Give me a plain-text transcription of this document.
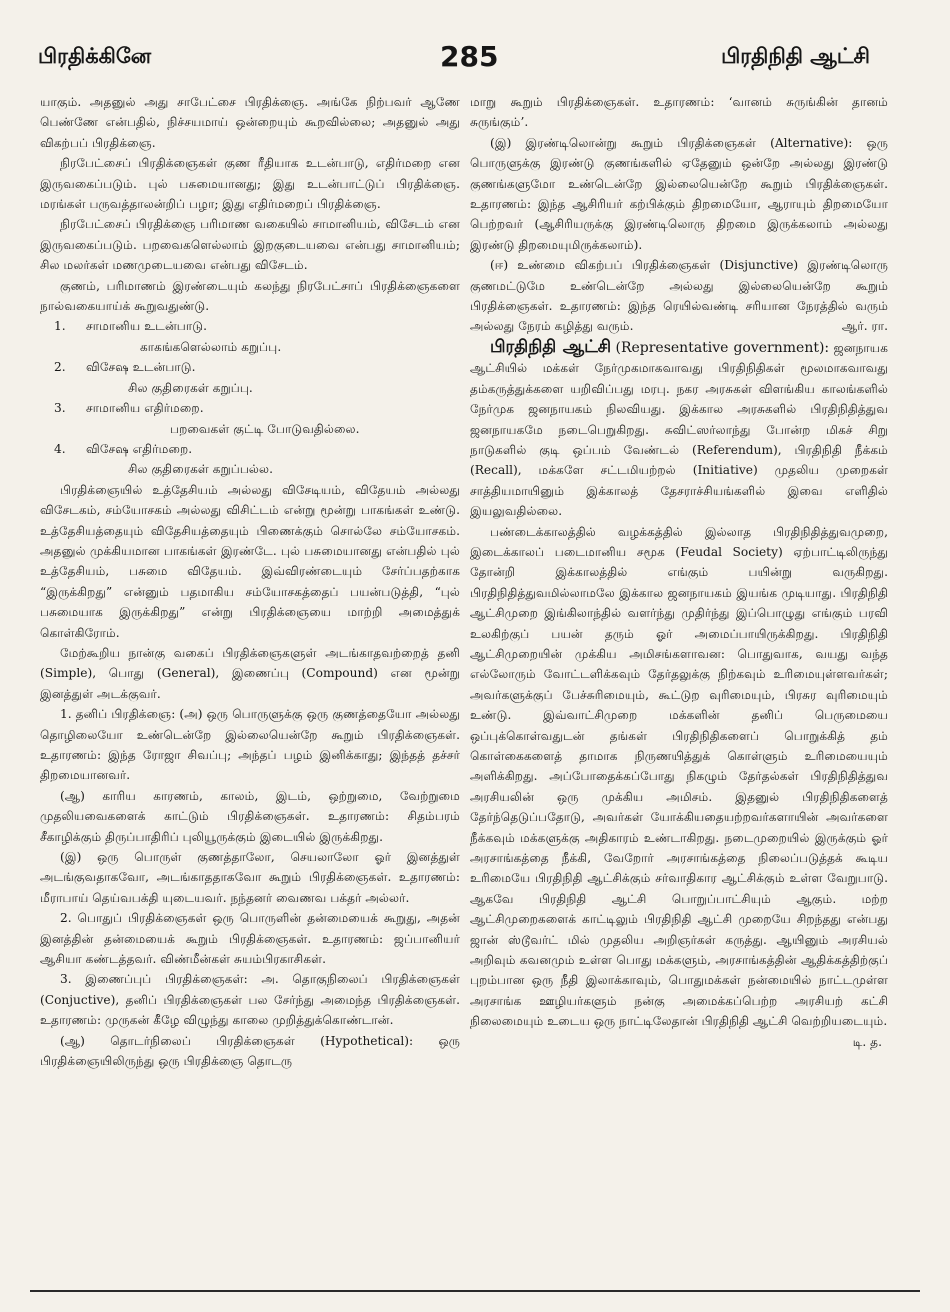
பிரதிக்கினே	285	பிரதிநிதி ஆட்சி

யாகும். அதனுல் அது சாபேட்சை பிரதிக்ஞை. அங்கே நிற்பவர் ஆணே பெண்ணே என்பதில், நிச்சயமாய் ஒன்றையும் கூறவில்லை; அதனுல் அது விகற்பப் பிரதிக்ஞை.

நிரபேட்சைப் பிரதிக்ஞைகள் குண ரீதியாக உடன்பாடு, எதிர்மறை என இருவகைப்படும். புல் பசுமையானது; இது உடன்பாட்டுப் பிரதிக்ஞை. மரங்கள் பருவத்தாலன்றிப் பழா; இது எதிர்மறைப் பிரதிக்ஞை.

நிரபேட்சைப் பிரதிக்ஞை பரிமாண வகையில் சாமானியம், விசேடம் என இருவகைப்படும். பறவைகளெல்லாம் இறகுடையவை என்பது சாமானியம்; சில மலர்கள் மணமுடையவை என்பது விசேடம்.

குணம், பரிமாணம் இரண்டையும் கலந்து நிரபேட்சாப் பிரதிக்ஞைகளை நால்வகையாய்க் கூறுவதுண்டு.

1.	சாமானிய உடன்பாடு.

காகங்களெல்லாம் கறுப்பு.

2.	விசேஷ உடன்பாடு.

சில குதிரைகள் கறுப்பு.

3.	சாமானிய எதிர்மறை.

பறவைகள் குட்டி போடுவதில்லை.

4.	விசேஷ எதிர்மறை.

சில குதிரைகள் கறுப்பல்ல.

பிரதிக்ஞையில் உத்தேசியம் அல்லது விசேடியம், விதேயம் அல்லது விசேடகம், சம்யோசகம் அல்லது விசிட்டம் என்று மூன்று பாகங்கள் உண்டு. உத்தேசியத்தையும் விதேசியத்தையும் பிணைக்கும் சொல்லே சம்யோசகம். அதனுல் முக்கியமான பாகங்கள் இரண்டே. புல் பசுமையானது என்பதில் புல் உத்தேசியம், பசுமை விதேயம். இவ்விரண்டையும் சேர்ப்பதற்காக “இருக்கிறது” என்னும் பதமாகிய சம்யோசகத்தைப் பயன்படுத்தி, “புல் பசுமையாக இருக்கிறது” என்று பிரதிக்ஞையை மாற்றி அமைத்துக் கொள்கிரோம்.

மேற்கூறிய நான்கு வகைப் பிரதிக்ஞைகளுள் அடங்காதவற்றைத் தனி (Simple), பொது (General), இணைப்பு (Compound) என மூன்று இனத்துள் அடக்குவர்.

1. தனிப் பிரதிக்ஞை: (அ) ஒரு பொருளுக்கு ஒரு குணத்தையோ அல்லது தொழிலையோ உண்டென்றே இல்லையென்றே கூறும் பிரதிக்ஞைகள். உதாரணம்: இந்த ரோஜா சிவப்பு; அந்தப் பழம் இனிக்காது; இந்தத் தச்சர் திறமையானவர்.

(ஆ) காரிய காரணம், காலம், இடம், ஒற்றுமை, வேற்றுமை முதலியவைகளைக் காட்டும் பிரதிக்ஞைகள். உதாரணம்: சிதம்பரம் சீகாழிக்கும் திருப்பாதிரிப் புலியூருக்கும் இடையில் இருக்கிறது.

(இ) ஒரு பொருள் குணத்தாலோ, செயலாலோ ஓர் இனத்துள் அடங்குவதாகவோ, அடங்காததாகவோ கூறும் பிரதிக்ஞைகள். உதாரணம்: மீராபாய் தெய்வபக்தி யுடையவர். நந்தனர் வைணவ பக்தர் அல்லர்.

2. பொதுப் பிரதிக்ஞைகள் ஒரு பொருளின் தன்மையைக் கூறுது, அதன் இனத்தின் தன்மையைக் கூறும் பிரதிக்ஞைகள். உதாரணம்: ஜப்பானியர் ஆசியா கண்டத்தவர். விண்மீன்கள் சுயம்பிரகாசிகள்.

3. இணைப்புப் பிரதிக்ஞைகள்: அ. தொகுநிலைப் பிரதிக்ஞைகள் (Conjuctive), தனிப் பிரதிக்ஞைகள் பல சேர்ந்து அமைந்த பிரதிக்ஞைகள். உதாரணம்: முருகன் கீழே விழுந்து காலை முறித்துக்கொண்டான்.

(ஆ) தொடர்நிலைப் பிரதிக்ஞைகள் (Hypothetical): ஒரு பிரதிக்ஞையிலிருந்து ஒரு பிரதிக்ஞை தொடரு

மாறு கூறும் பிரதிக்ஞைகள். உதாரணம்: ‘வானம் சுருங்கின் தானம் சுருங்கும்’.

(இ) இரண்டிலொன்று கூறும் பிரதிக்ஞைகள் (Alternative): ஒரு பொருளுக்கு இரண்டு குணங்களில் ஏதேனும் ஒன்றே அல்லது இரண்டு குணங்களுமோ உண்டென்றே இல்லையென்றே கூறும் பிரதிக்ஞைகள். உதாரணம்: இந்த ஆசிரியர் கற்பிக்கும் திறமையோ, ஆராயும் திறமையோ பெற்றவர் (ஆசிரியருக்கு இரண்டிலொரு திறமை இருக்கலாம் அல்லது இரண்டு திறமையுமிருக்கலாம்).

(ஈ) உண்மை விகற்பப் பிரதிக்ஞைகள் (Disjunctive) இரண்டிலொரு குணமட்டுமே உண்டென்றே அல்லது இல்லையென்றே கூறும் பிரதிக்ஞைகள். உதாரணம்: இந்த ரெயில்வண்டி சரியான நேரத்தில் வரும் அல்லது நேரம் கழித்து வரும்.	ஆர். ரா.

பிரதிநிதி ஆட்சி (Representative government): ஜனநாயக ஆட்சியில் மக்கள் நேர்முகமாகவாவது பிரதிநிதிகள் மூலமாகவாவது தம்கருத்துக்களை யறிவிப்பது மரபு. நகர அரசுகள் விளங்கிய காலங்களில் நேர்முக ஜனநாயகம் நிலவியது. இக்கால அரசுகளில் பிரதிநிதித்துவ ஜனநாயகமே நடைபெறுகிறது. சுவிட்ஸர்லாந்து போன்ற மிகச் சிறு நாடுகளில் குடி ஒப்பம் வேண்டல் (Referendum), பிரதிநிதி நீக்கம் (Recall), மக்களே சட்டமியற்றல் (Initiative) முதலிய முறைகள் சாத்தியமாயினும் இக்காலத் தேசராச்சியங்களில் இவை எளிதில் இயலுவதில்லை.

பண்டைக்காலத்தில் வழக்கத்தில் இல்லாத பிரதிநிதித்துவமுறை, இடைக்காலப் படைமானிய சமூக (Feudal Society) ஏற்பாட்டிலிருந்து தோன்றி இக்காலத்தில் எங்கும் பயின்று வருகிறது. பிரதிநிதித்துவமில்லாமலே இக்கால ஜனநாயகம் இயங்க முடியாது. பிரதிநிதி ஆட்சிமுறை இங்கிலாந்தில் வளர்ந்து முதிர்ந்து இப்பொழுது எங்கும் பரவி உலகிற்குப் பயன் தரும் ஓர் அமைப்பாயிருக்கிறது. பிரதிநிதி ஆட்சிமுறையின் முக்கிய அமிசங்களாவன: பொதுவாக, வயது வந்த எல்லோரும் வோட்டளிக்கவும் தேர்தலுக்கு நிற்கவும் உரிமையுள்ளவர்கள்; அவர்களுக்குப் பேச்சுரிமையும், கூட்டுற வுரிமையும், பிரசுர வுரிமையும் உண்டு. இவ்வாட்சிமுறை மக்களின் தனிப் பெருமையை ஒப்புக்கொள்வதுடன் தங்கள் பிரதிநிதிகளைப் பொறுக்கித் தம் கொள்கைகளைத் தாமாக நிருணயித்துக் கொள்ளும் உரிமையையும் அளிக்கிறது. அப்போதைக்கப்போது நிகழும் தேர்தல்கள் பிரதிநிதித்துவ அரசியலின் ஒரு முக்கிய அமிசம். இதனுல் பிரதிநிதிகளைத் தேர்ந்தெடுப்பதோடு, அவர்கள் யோக்கியதையற்றவர்களாயின் அவர்களை நீக்கவும் மக்களுக்கு அதிகாரம் உண்டாகிறது. நடைமுறையில் இருக்கும் ஓர் அரசாங்கத்தை நீக்கி, வேறோர் அரசாங்கத்தை நிலைப்படுத்தக் கூடிய உரிமையே பிரதிநிதி ஆட்சிக்கும் சர்வாதிகார ஆட்சிக்கும் உள்ள வேறுபாடு. ஆகவே பிரதிநிதி ஆட்சி பொறுப்பாட்சியும் ஆகும். மற்ற ஆட்சிமுறைகளைக் காட்டிலும் பிரதிநிதி ஆட்சி முறையே சிறந்தது என்பது ஜான் ஸ்டூவர்ட் மில் முதலிய அறிஞர்கள் கருத்து. ஆயினும் அரசியல் அறிவும் கவனமும் உள்ள பொது மக்களும், அரசாங்கத்தின் ஆதிக்கத்திற்குப் புறம்பான ஒரு நீதி இலாக்காவும், பொதுமக்கள் நன்மையில் நாட்டமுள்ள அரசாங்க ஊழியர்களும் நன்கு அமைக்கப்பெற்ற அரசியற் கட்சி நிலைமையும் உடைய ஒரு நாட்டிலேதான் பிரதிநிதி ஆட்சி வெற்றியடையும்.

டி. த.
